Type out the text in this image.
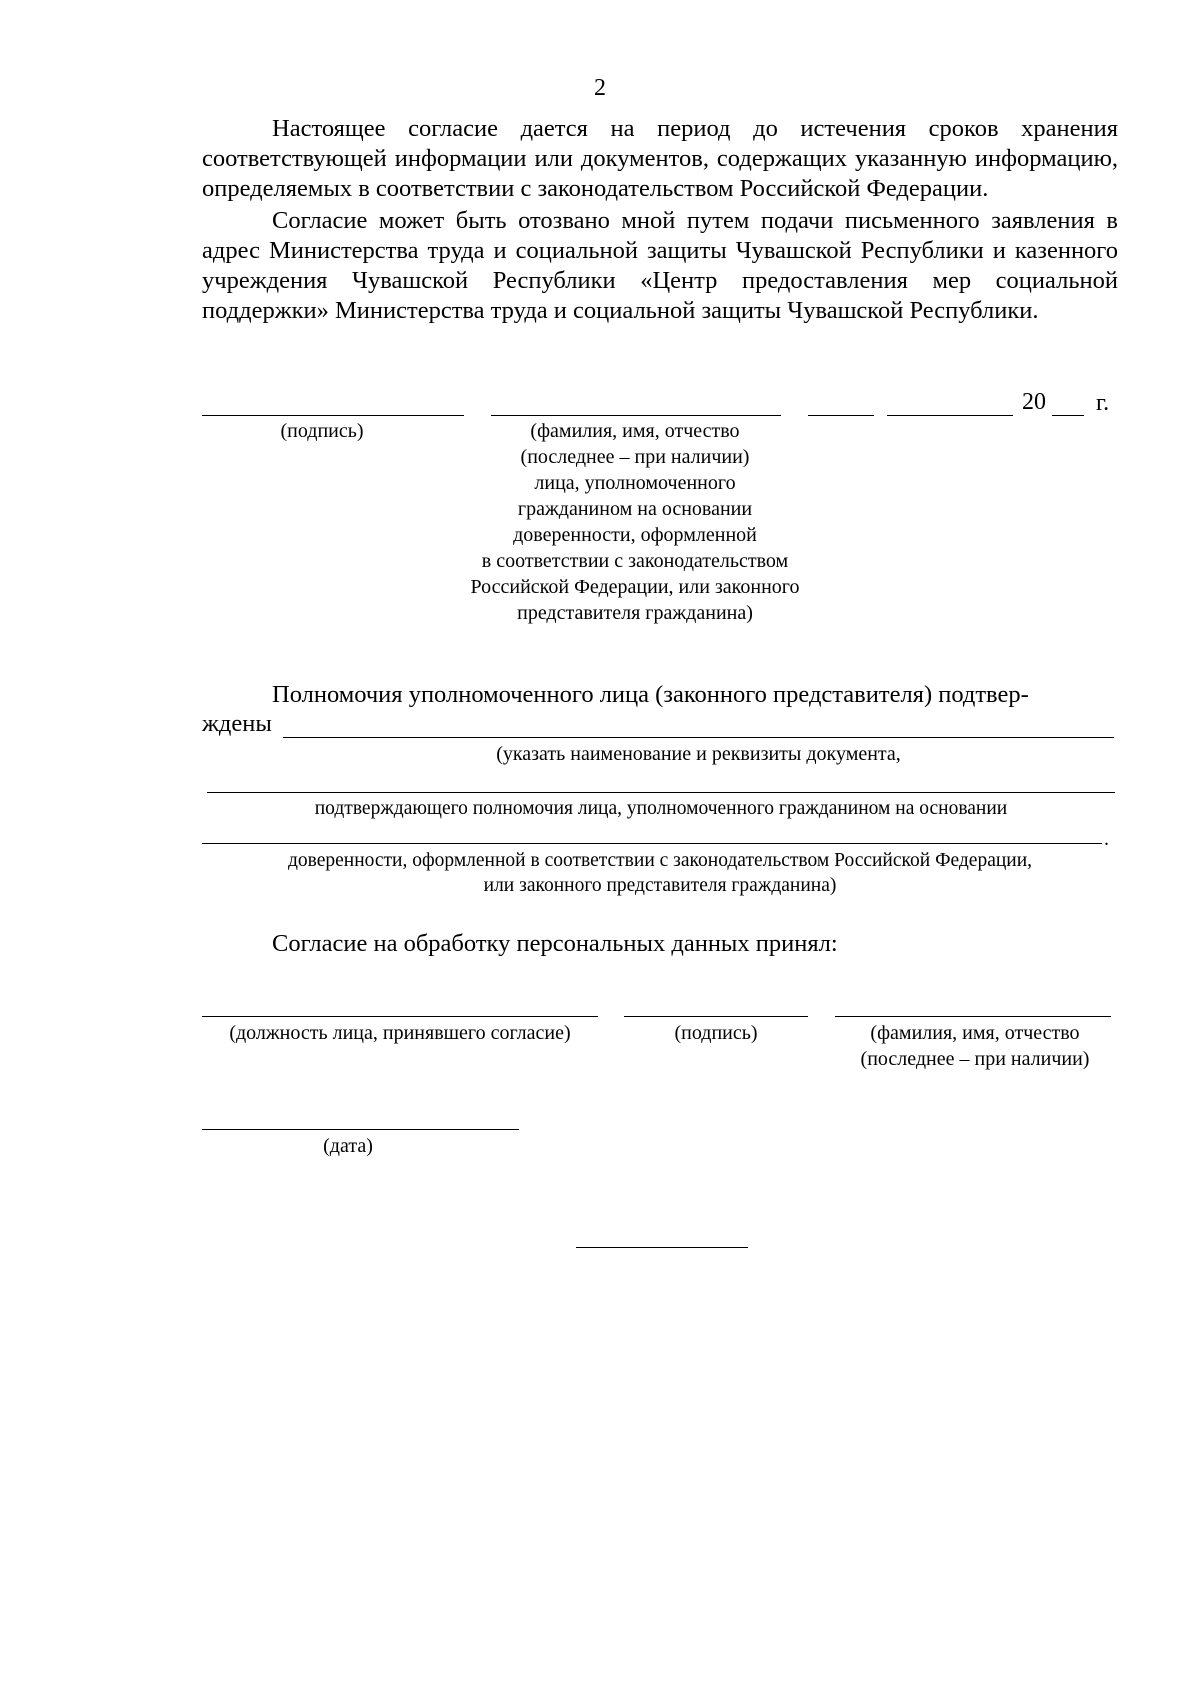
2

Настоящее согласие дается на период до истечения сроков хранения соответствующей информации или документов, содержащих указанную информацию, определяемых в соответствии с законодательством Российской Федерации.

Согласие может быть отозвано мной путем подачи письменного заявления в адрес Министерства труда и социальной защиты Чувашской Республики и казенного учреждения Чувашской Республики «Центр предоставления мер социальной поддержки» Министерства труда и социальной защиты Чувашской Республики.

20 г.
(подпись)	(фамилия, имя, отчество
(последнее – при наличии)
лица, уполномоченного
гражданином на основании
доверенности, оформленной
в соответствии с законодательством
Российской Федерации, или законного
представителя гражданина)
Полномочия уполномоченного лица (законного представителя) подтвер-
ждены
(указать наименование и реквизиты документа,
подтверждающего полномочия лица, уполномоченного гражданином на основании
.
доверенности, оформленной в соответствии с законодательством Российской Федерации,
или законного представителя гражданина)
Согласие на обработку персональных данных принял:
(должность лица, принявшего согласие)	(подпись)	(фамилия, имя, отчество
(последнее – при наличии)
(дата)
